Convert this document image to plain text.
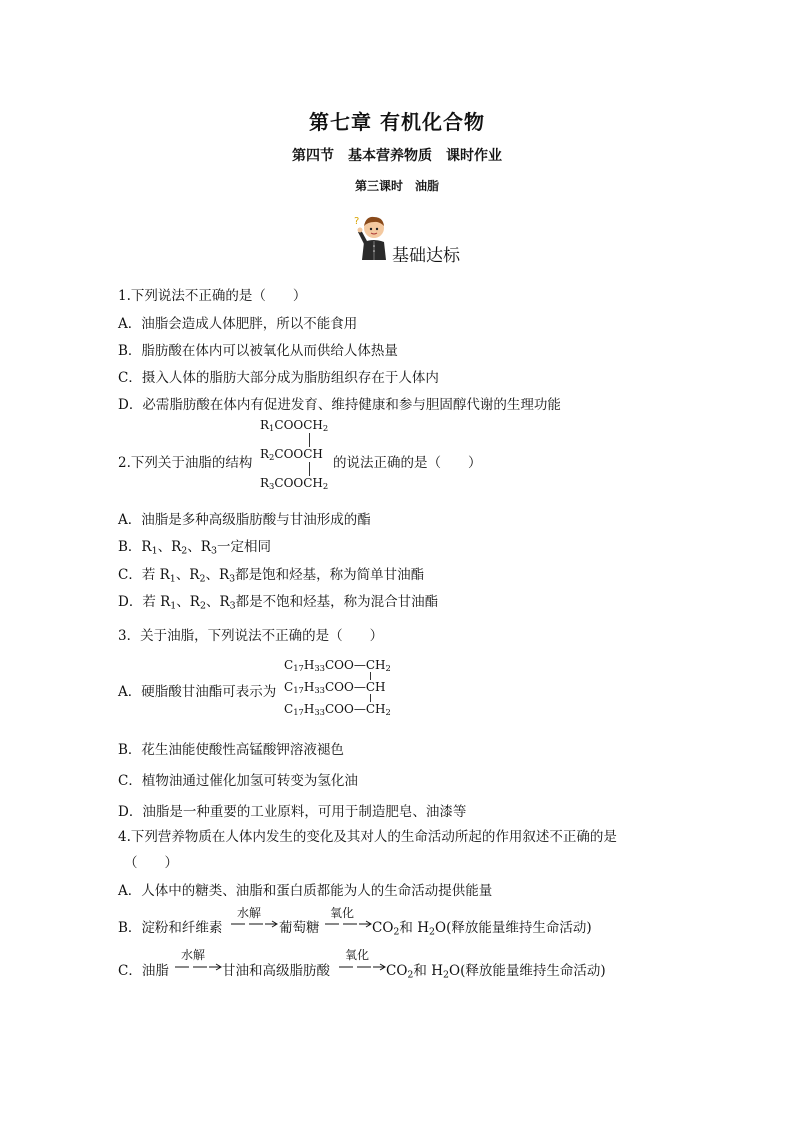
第七章 有机化合物
第四节　基本营养物质　课时作业
第三课时　油脂
?
基础达标
1.下列说法不正确的是（　　）
A．油脂会造成人体肥胖，所以不能食用
B．脂肪酸在体内可以被氧化从而供给人体热量
C．摄入人体的脂肪大部分成为脂肪组织存在于人体内
D．必需脂肪酸在体内有促进发育、维持健康和参与胆固醇代谢的生理功能
2.下列关于油脂的结构
$R_1COOCH_2$
$R_2COOCH$
$R_3COOCH_2$
的说法正确的是（　　）
A．油脂是多种高级脂肪酸与甘油形成的酯
B．$R_1$、$R_2$、$R_3$一定相同
C．若 $R_1$、$R_2$、$R_3$都是饱和烃基，称为简单甘油酯
D．若 $R_1$、$R_2$、$R_3$都是不饱和烃基，称为混合甘油酯
3．关于油脂，下列说法不正确的是（　　）
A．硬脂酸甘油酯可表示为
$C_{17}H_{33}COO—CH_2$
$C_{17}H_{33}COO—CH$
$C_{17}H_{33}COO—CH_2$
B．花生油能使酸性高锰酸钾溶液褪色
C．植物油通过催化加氢可转变为氢化油
D．油脂是一种重要的工业原料，可用于制造肥皂、油漆等
4.下列营养物质在人体内发生的变化及其对人的生命活动所起的作用叙述不正确的是
（　　）
A．人体中的糖类、油脂和蛋白质都能为人的生命活动提供能量
B．淀粉和纤维素
水解
葡萄糖
氧化
$CO_2$和 $H_2O$(释放能量维持生命活动)
C．油脂
水解
甘油和高级脂肪酸
氧化
$CO_2$和 $H_2O$(释放能量维持生命活动)
